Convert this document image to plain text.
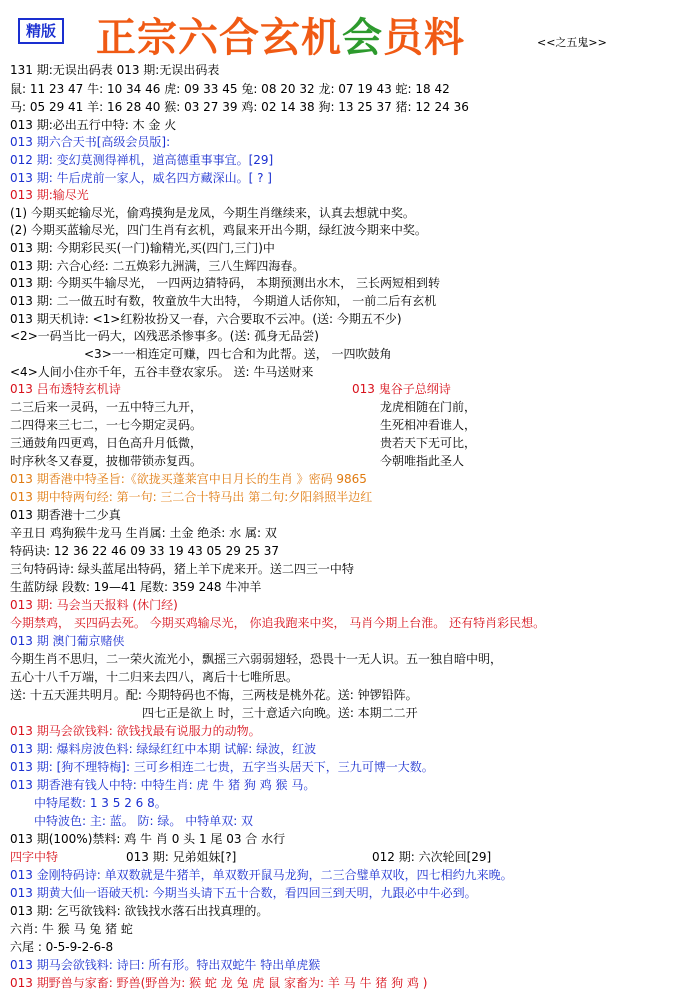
精版 正宗六合玄机会员料	<<之五鬼>>
131 期:无误出码表 013 期:无误出码表
鼠: 11 23 47 牛: 10 34 46 虎: 09 33 45 兔: 08 20 32 龙: 07 19 43 蛇: 18 42
马: 05 29 41 羊: 16 28 40 猴: 03 27 39 鸡: 02 14 38 狗: 13 25 37 猪: 12 24 36
013 期:必出五行中特: 木 金 火
013 期六合天书[高级会员版]:
012 期: 变幻莫测得禅机，道高德重事事宜。[29]
013 期: 牛后虎前一家人，威名四方藏深山。[ ? ]
013 期:输尽光
(1) 今期买蛇输尽光，偷鸡摸狗是龙凤，今期生肖继续来，认真去想就中奖。
(2) 今期买蓝输尽光，四门生肖有玄机，鸡鼠来开出今期，绿红波今期来中奖。
013 期: 今期彩民买(一门)输精光,买(四门,三门)中
013 期: 六合心经: 二五焕彩九洲满，三八生辉四海春。
013 期: 今期买牛输尽光， 一四两边猜特码， 本期预测出水木， 三长两短相到转
013 期: 二一做五时有数，牧童放牛大出特， 今期道人话你知， 一前二后有玄机
013 期天机诗: <1>红粉妆扮又一春，六合要取不云冲。(送: 今期五不少)
<2>一码当比一码大，凶残恶杀惨事多。(送: 孤身无品尝)
<3>一一相连定可赚，四七合和为此帮。送， 一四吹鼓角
<4>人间小住亦千年，五谷丰登农家乐。 送: 牛马送财来
013 吕布透特玄机诗	013 鬼谷子总纲诗
二三后来一灵码，一五中特三九开，	龙虎相随在门前，
二四得来三七二，一七今期定灵码。	生死相冲看谁人，
三通鼓角四更鸡，日色高升月低微，	贵若天下无可比，
时序秋冬又春夏，披枷带锁赤复西。	今朝唯指此圣人
013 期香港中特圣旨:《欲拢买蓬莱宫中日月长的生肖 》密码 9865
013 期中特两句经: 第一句: 三二合十特马出 第二句:夕阳斜照半边红
013 期香港十二少真
辛丑日 鸡狗猴牛龙马 生肖属: 土金 绝杀: 水 属: 双
特码诀: 12 36 22 46 09 33 19 43 05 29 25 37
三句特码诗: 绿头蓝尾出特码，猪上羊下虎来开。送二四三一中特
生蓝防绿 段数: 19—41 尾数: 359 248 牛冲羊
013 期: 马会当天报料 (休门经)
今期禁鸡， 买四码去死。 今期买鸡输尽光， 你追我跑来中奖， 马肖今期上台淮。 还有特肖彩民想。
013 期 澳门葡京赌侠
今期生肖不思归，二一荣火流光小，飘摇三六弱弱翅轻，恐畏十一无人识。五一独自暗中明，
五心十八千万端，十二归来去四八，离后十七唯所思。
送: 十五天涯共明月。配: 今期特码也不悔，三两枝是桃外花。送: 钟锣铅阵。
四七正是欲上 时，三十意适六向晚。送: 本期二二开
013 期马会欲钱料: 欲钱找最有说服力的动物。
013 期: 爆料房波色料: 绿绿红红中本期 试解: 绿波，红波
013 期: [狗不理特梅]: 三可乡相连二七贵，五字当头居天下，三九可博一大数。
013 期香港有钱人中特: 中特生肖: 虎 牛 猪 狗 鸡 猴 马。
中特尾数: 1 3 5 2 6 8。
中特波色: 主: 蓝。 防: 绿。 中特单双: 双
013 期(100%)禁料: 鸡 牛 肖 0 头 1 尾 03 合 水行
四字中特	013 期: 兄弟姐妹[?]	012 期: 六次轮回[29]
013 金刚特码诗: 单双数就是牛猪羊，单双数开鼠马龙狗，二三合璧单双收，四七相约九来晚。
013 期黄大仙一语破天机: 今期当头请下五十合数，看四回三到天明，九跟必中牛必到。
013 期: 乞丐欲钱料: 欲钱找水落石出找真理的。
六肖: 牛 猴 马 兔 猪 蛇
六尾 : 0-5-9-2-6-8
013 期马会欲钱料: 诗曰: 所有形。特出双蛇牛 特出单虎猴
013 期野兽与家畜: 野兽(野兽为: 猴 蛇 龙 兔 虎 鼠 家畜为: 羊 马 牛 猪 狗 鸡 )
